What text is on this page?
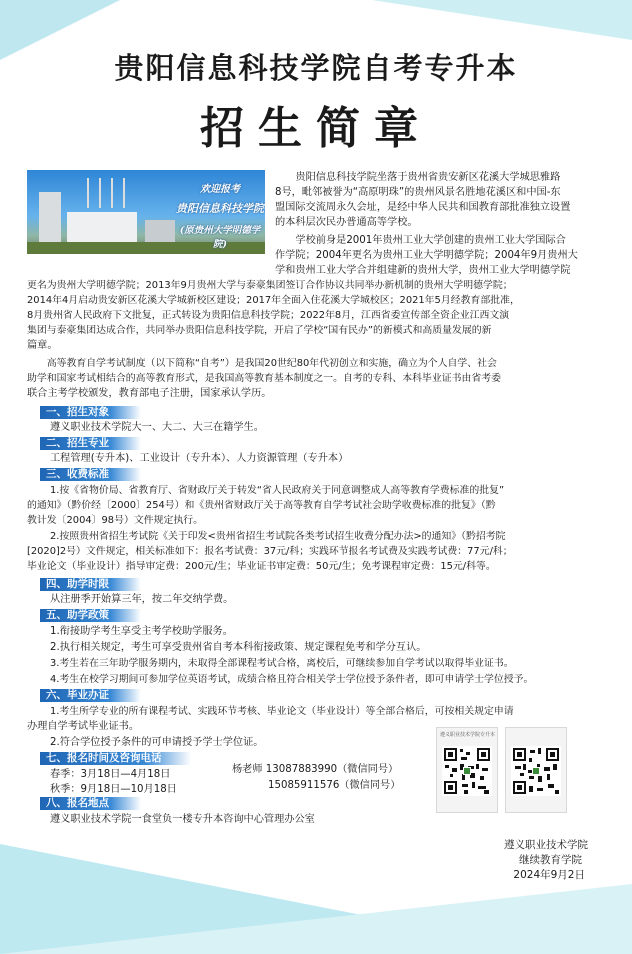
贵阳信息科技学院自考专升本
招生简章
欢迎报考
贵阳信息科技学院
(原贵州大学明德学院)
贵阳信息科技学院坐落于贵州省贵安新区花溪大学城思雅路
8号，毗邻被誉为“高原明珠”的贵州风景名胜地花溪区和中国-东
盟国际交流周永久会址，是经中华人民共和国教育部批准独立设置
的本科层次民办普通高等学校。
学校前身是2001年贵州工业大学创建的贵州工业大学国际合
作学院；2004年更名为贵州工业大学明德学院；2004年9月贵州大
学和贵州工业大学合并组建新的贵州大学，贵州工业大学明德学院
更名为贵州大学明德学院；2013年9月贵州大学与泰豪集团签订合作协议共同举办新机制的贵州大学明德学院；
2014年4月启动贵安新区花溪大学城新校区建设；2017年全面入住花溪大学城校区；2021年5月经教育部批准，
8月贵州省人民政府下文批复，正式转设为贵阳信息科技学院；2022年8月，江西省委宣传部全资企业江西文演
集团与泰豪集团达成合作，共同举办贵阳信息科技学院，开启了学校“国有民办”的新模式和高质量发展的新
篇章。
高等教育自学考试制度（以下简称“自考”）是我国20世纪80年代初创立和实施，确立为个人自学、社会
助学和国家考试相结合的高等教育形式，是我国高等教育基本制度之一。自考的专科、本科毕业证书由省考委
联合主考学校颁发，教育部电子注册，国家承认学历。
一、招生对象
遵义职业技术学院大一、大二、大三在籍学生。
二、招生专业
工程管理(专升本)、工业设计（专升本）、人力资源管理（专升本）
三、收费标准
1.按《省物价局、省教育厅、省财政厅关于转发“省人民政府关于同意调整成人高等教育学费标准的批复”
的通知》（黔价经〔2000〕254号）和《贵州省财政厅关于高等教育自学考试社会助学收费标准的批复》（黔
教计发〔2004〕98号）文件规定执行。
2.按照贵州省招生考试院《关于印发<贵州省招生考试院各类考试招生收费分配办法>的通知》（黔招考院
[2020]2号）文件规定，相关标准如下：报名考试费：37元/科；实践环节报名考试费及实践考试费：77元/科；
毕业论文（毕业设计）指导审定费：200元/生；毕业证书审定费：50元/生；免考课程审定费：15元/科等。
四、助学时限
从注册季开始算三年，按二年交纳学费。
五、助学政策
1.衔接助学考生享受主考学校助学服务。
2.执行相关规定，考生可享受贵州省自考本科衔接政策、规定课程免考和学分互认。
3.考生若在三年助学服务期内，未取得全部课程考试合格，离校后，可继续参加自学考试以取得毕业证书。
4.考生在校学习期间可参加学位英语考试，成绩合格且符合相关学士学位授予条件者，即可申请学士学位授予。
六、毕业办证
1.考生所学专业的所有课程考试、实践环节考核、毕业论文（毕业设计）等全部合格后，可按相关规定申请
办理自学考试毕业证书。
2.符合学位授予条件的可申请授予学士学位证。
七、报名时间及咨询电话
春季：3月18日—4月18日
秋季：9月18日—10月18日
杨老师 13087883990（微信同号）
15085911576（微信同号）
八、报名地点
遵义职业技术学院一食堂负一楼专升本咨询中心管理办公室
遵义职业技术学院专升本
遵义职业技术学院
继续教育学院
2024年9月2日
